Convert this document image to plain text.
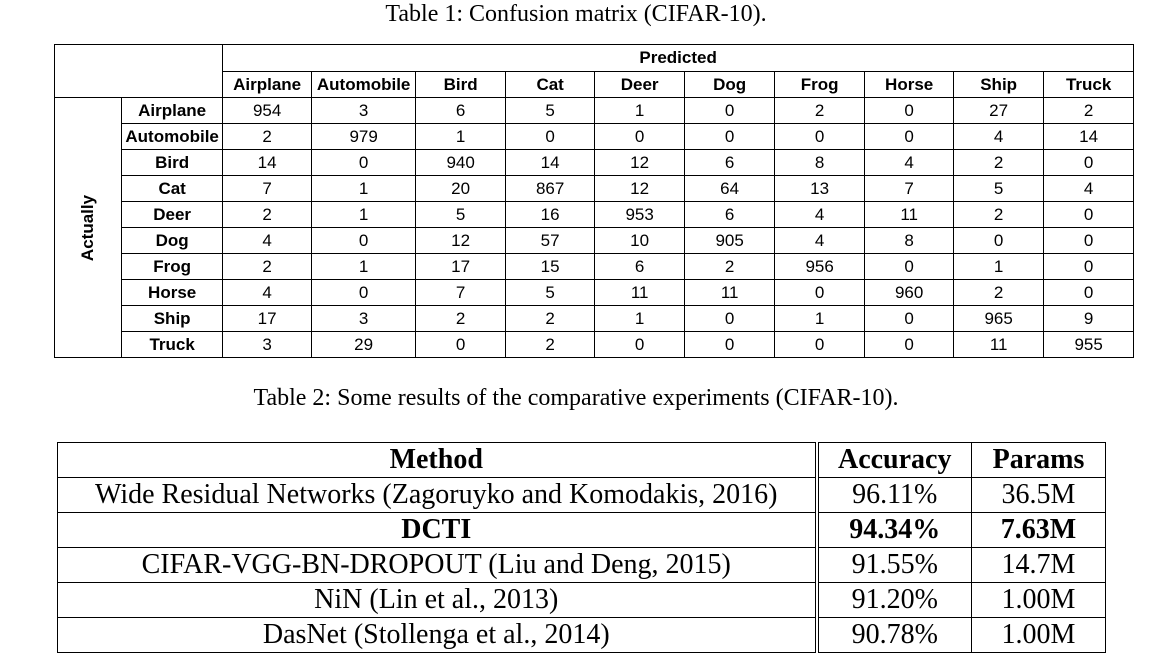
Table 1: Confusion matrix (CIFAR-10).
		Predicted									
		Airplane	Automobile	Bird	Cat	Deer	Dog	Frog	Horse	Ship	Truck
Actually	Airplane	954	3	6	5	1	0	2	0	27	2
	Automobile	2	979	1	0	0	0	0	0	4	14
	Bird	14	0	940	14	12	6	8	4	2	0
	Cat	7	1	20	867	12	64	13	7	5	4
	Deer	2	1	5	16	953	6	4	11	2	0
	Dog	4	0	12	57	10	905	4	8	0	0
	Frog	2	1	17	15	6	2	956	0	1	0
	Horse	4	0	7	5	11	11	0	960	2	0
	Ship	17	3	2	2	1	0	1	0	965	9
	Truck	3	29	0	2	0	0	0	0	11	955
Table 2: Some results of the comparative experiments (CIFAR-10).
Method	Accuracy	Params
Wide Residual Networks (Zagoruyko and Komodakis, 2016)	96.11%	36.5M
DCTI	94.34%	7.63M
CIFAR-VGG-BN-DROPOUT (Liu and Deng, 2015)	91.55%	14.7M
NiN (Lin et al., 2013)	91.20%	1.00M
DasNet (Stollenga et al., 2014)	90.78%	1.00M
